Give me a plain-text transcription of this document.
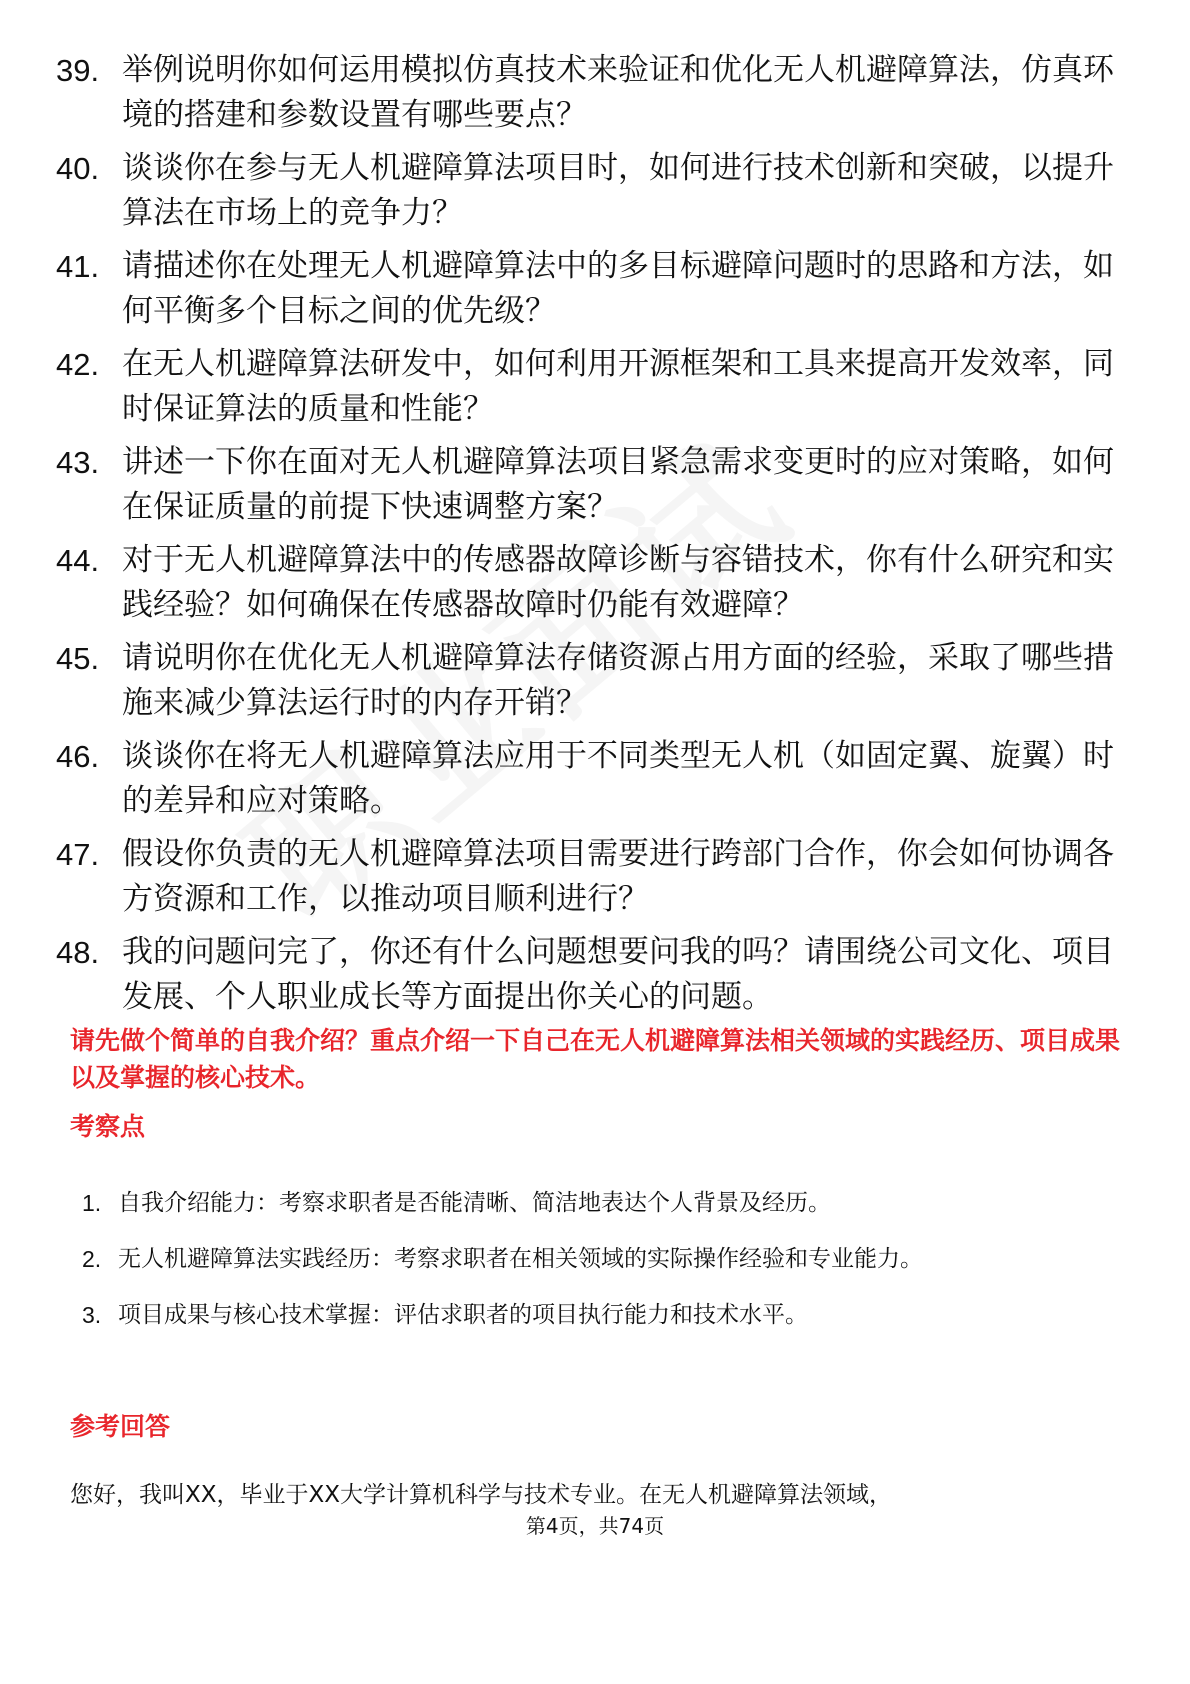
39. 举例说明你如何运用模拟仿真技术来验证和优化无人机避障算法，仿真环境的搭建和参数设置有哪些要点？
40. 谈谈你在参与无人机避障算法项目时，如何进行技术创新和突破，以提升算法在市场上的竞争力？
41. 请描述你在处理无人机避障算法中的多目标避障问题时的思路和方法，如何平衡多个目标之间的优先级？
42. 在无人机避障算法研发中，如何利用开源框架和工具来提高开发效率，同时保证算法的质量和性能？
43. 讲述一下你在面对无人机避障算法项目紧急需求变更时的应对策略，如何在保证质量的前提下快速调整方案？
44. 对于无人机避障算法中的传感器故障诊断与容错技术，你有什么研究和实践经验？如何确保在传感器故障时仍能有效避障？
45. 请说明你在优化无人机避障算法存储资源占用方面的经验，采取了哪些措施来减少算法运行时的内存开销？
46. 谈谈你在将无人机避障算法应用于不同类型无人机（如固定翼、旋翼）时的差异和应对策略。
47. 假设你负责的无人机避障算法项目需要进行跨部门合作，你会如何协调各方资源和工作，以推动项目顺利进行？
48. 我的问题问完了，你还有什么问题想要问我的吗？请围绕公司文化、项目发展、个人职业成长等方面提出你关心的问题。
请先做个简单的自我介绍？重点介绍一下自己在无人机避障算法相关领域的实践经历、项目成果以及掌握的核心技术。
考察点
1. 自我介绍能力：考察求职者是否能清晰、简洁地表达个人背景及经历。
2. 无人机避障算法实践经历：考察求职者在相关领域的实际操作经验和专业能力。
3. 项目成果与核心技术掌握：评估求职者的项目执行能力和技术水平。
参考回答
您好，我叫XX，毕业于XX大学计算机科学与技术专业。在无人机避障算法领域，
第4页，共74页
